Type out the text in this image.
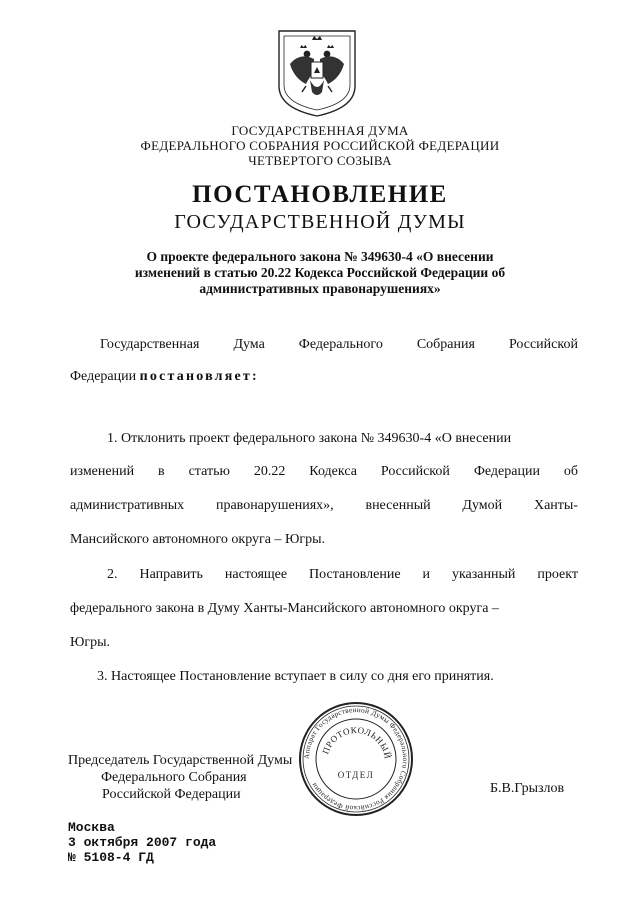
ГОСУДАРСТВЕННАЯ ДУМА
ФЕДЕРАЛЬНОГО СОБРАНИЯ РОССИЙСКОЙ ФЕДЕРАЦИИ
ЧЕТВЕРТОГО СОЗЫВА
ПОСТАНОВЛЕНИЕ
ГОСУДАРСТВЕННОЙ ДУМЫ
О проекте федерального закона № 349630-4 «О внесении
изменений в статью 20.22 Кодекса Российской Федерации об
административных правонарушениях»
Государственная Дума Федерального Собрания Российской
Федерации постановляет:
1. Отклонить проект федерального закона № 349630-4 «О внесении
изменений в статью 20.22 Кодекса Российской Федерации об
административных правонарушениях», внесенный Думой Ханты-
Мансийского автономного округа – Югры.
2. Направить настоящее Постановление и указанный проект
федерального закона в Думу Ханты-Мансийского автономного округа –
Югры.
3. Настоящее Постановление вступает в силу со дня его принятия.
Председатель Государственной Думы
Федерального Собрания
Российской Федерации	Б.В.Грызлов
Аппарат Государственной Думы Федерального Собрания Российской Федерации
ПРОТОКОЛЬНЫЙ
ОТДЕЛ
Москва
3 октября 2007 года
№ 5108-4 ГД
